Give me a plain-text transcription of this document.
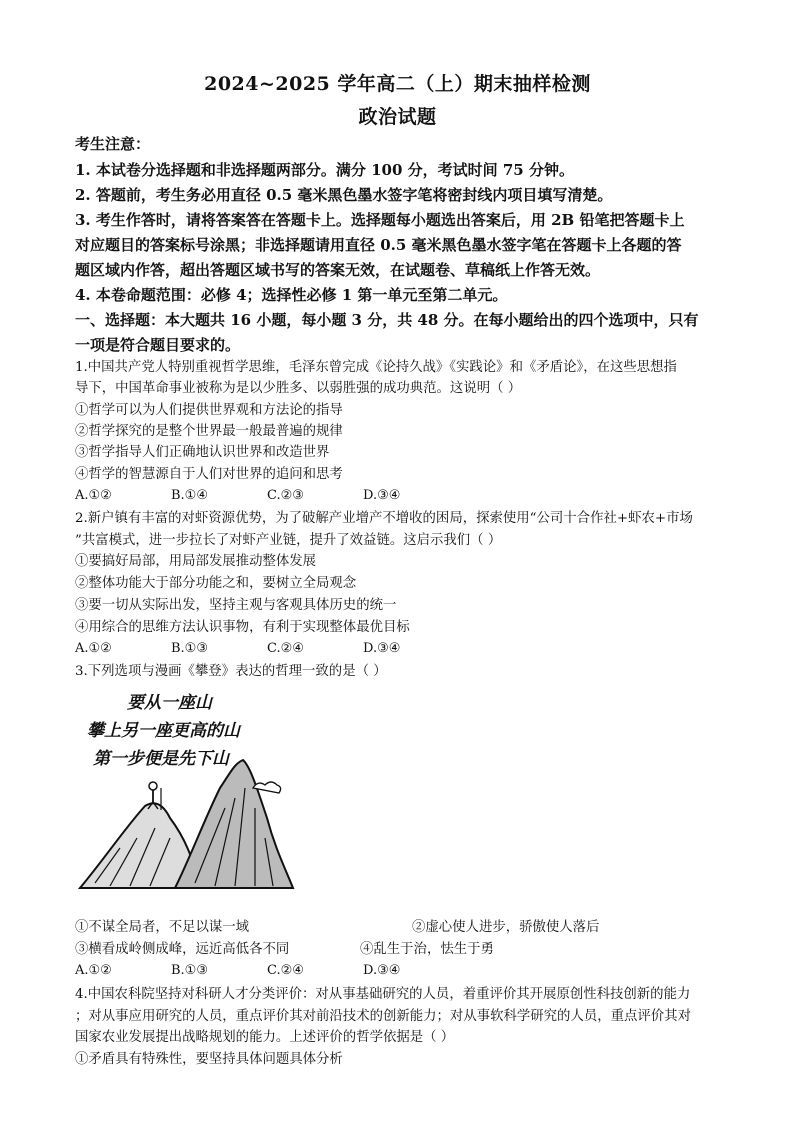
2024~2025 学年高二（上）期末抽样检测
政治试题
考生注意：
1. 本试卷分选择题和非选择题两部分。满分 100 分，考试时间 75 分钟。
2. 答题前，考生务必用直径 0.5 毫米黑色墨水签字笔将密封线内项目填写清楚。
3. 考生作答时，请将答案答在答题卡上。选择题每小题选出答案后，用 2B 铅笔把答题卡上
对应题目的答案标号涂黑；非选择题请用直径 0.5 毫米黑色墨水签字笔在答题卡上各题的答
题区域内作答，超出答题区域书写的答案无效，在试题卷、草稿纸上作答无效。
4. 本卷命题范围：必修 4；选择性必修 1 第一单元至第二单元。
一、选择题：本大题共 16 小题，每小题 3 分，共 48 分。在每小题给出的四个选项中，只有
一项是符合题目要求的。
1.中国共产党人特别重视哲学思维，毛泽东曾完成《论持久战》《实践论》和《矛盾论》，在这些思想指
导下，中国革命事业被称为是以少胜多、以弱胜强的成功典范。这说明（ ）
①哲学可以为人们提供世界观和方法论的指导
②哲学探究的是整个世界最一般最普遍的规律
③哲学指导人们正确地认识世界和改造世界
④哲学的智慧源自于人们对世界的追问和思考
A.①②	B.①④	C.②③	D.③④
2.新户镇有丰富的对虾资源优势，为了破解产业增产不增收的困局，探索使用“公司十合作社+虾农+市场
”共富模式，进一步拉长了对虾产业链，提升了效益链。这启示我们（ ）
①要搞好局部，用局部发展推动整体发展
②整体功能大于部分功能之和，要树立全局观念
③要一切从实际出发，坚持主观与客观具体历史的统一
④用综合的思维方法认识事物，有利于实现整体最优目标
A.①②	B.①③	C.②④	D.③④
3.下列选项与漫画《攀登》表达的哲理一致的是（ ）
要从一座山
攀上另一座更高的山
第一步便是先下山
①不谋全局者，不足以谋一域	②虚心使人进步，骄傲使人落后
③横看成岭侧成峰，远近高低各不同	④乱生于治，怯生于勇
A.①②	B.①③	C.②④	D.③④
4.中国农科院坚持对科研人才分类评价：对从事基础研究的人员，着重评价其开展原创性科技创新的能力
；对从事应用研究的人员，重点评价其对前沿技术的创新能力；对从事软科学研究的人员，重点评价其对
国家农业发展提出战略规划的能力。上述评价的哲学依据是（ ）
①矛盾具有特殊性，要坚持具体问题具体分析
